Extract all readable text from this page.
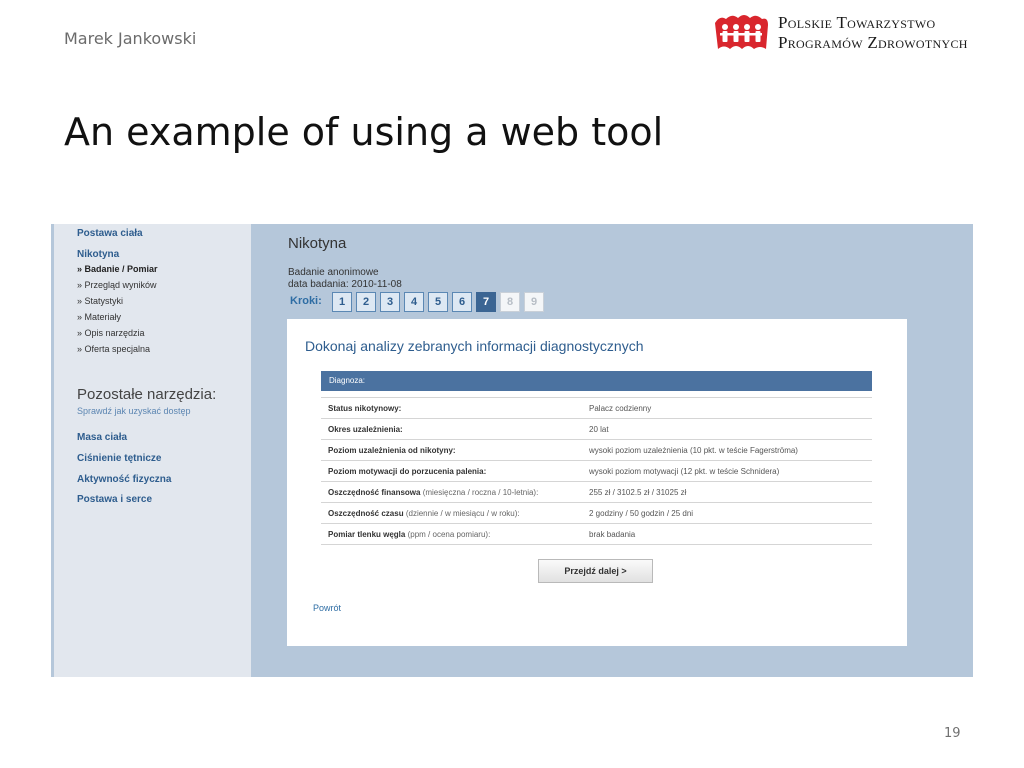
Marek Jankowski
Polskie Towarzystwo
Programów Zdrowotnych
An example of using a web tool
Postawa ciała
Nikotyna
» Badanie / Pomiar
» Przegląd wyników
» Statystyki
» Materiały
» Opis narzędzia
» Oferta specjalna
Pozostałe narzędzia:
Sprawdź jak uzyskać dostęp
Masa ciała
Ciśnienie tętnicze
Aktywność fizyczna
Postawa i serce
Nikotyna
Badanie anonimowe
data badania: 2010-11-08
Kroki:	1	2	3	4	5	6	7	8	9
Dokonaj analizy zebranych informacji diagnostycznych
Diagnoza:
Status nikotynowy:	Palacz codzienny
Okres uzależnienia:	20 lat
Poziom uzależnienia od nikotyny:	wysoki poziom uzależnienia (10 pkt. w teście Fagerströma)
Poziom motywacji do porzucenia palenia:	wysoki poziom motywacji (12 pkt. w teście Schnidera)
Oszczędność finansowa (miesięczna / roczna / 10-letnia):	255 zł / 3102.5 zł / 31025 zł
Oszczędność czasu (dziennie / w miesiącu / w roku):	2 godziny / 50 godzin / 25 dni
Pomiar tlenku węgla (ppm / ocena pomiaru):	brak badania
Przejdź dalej >
Powrót
19
